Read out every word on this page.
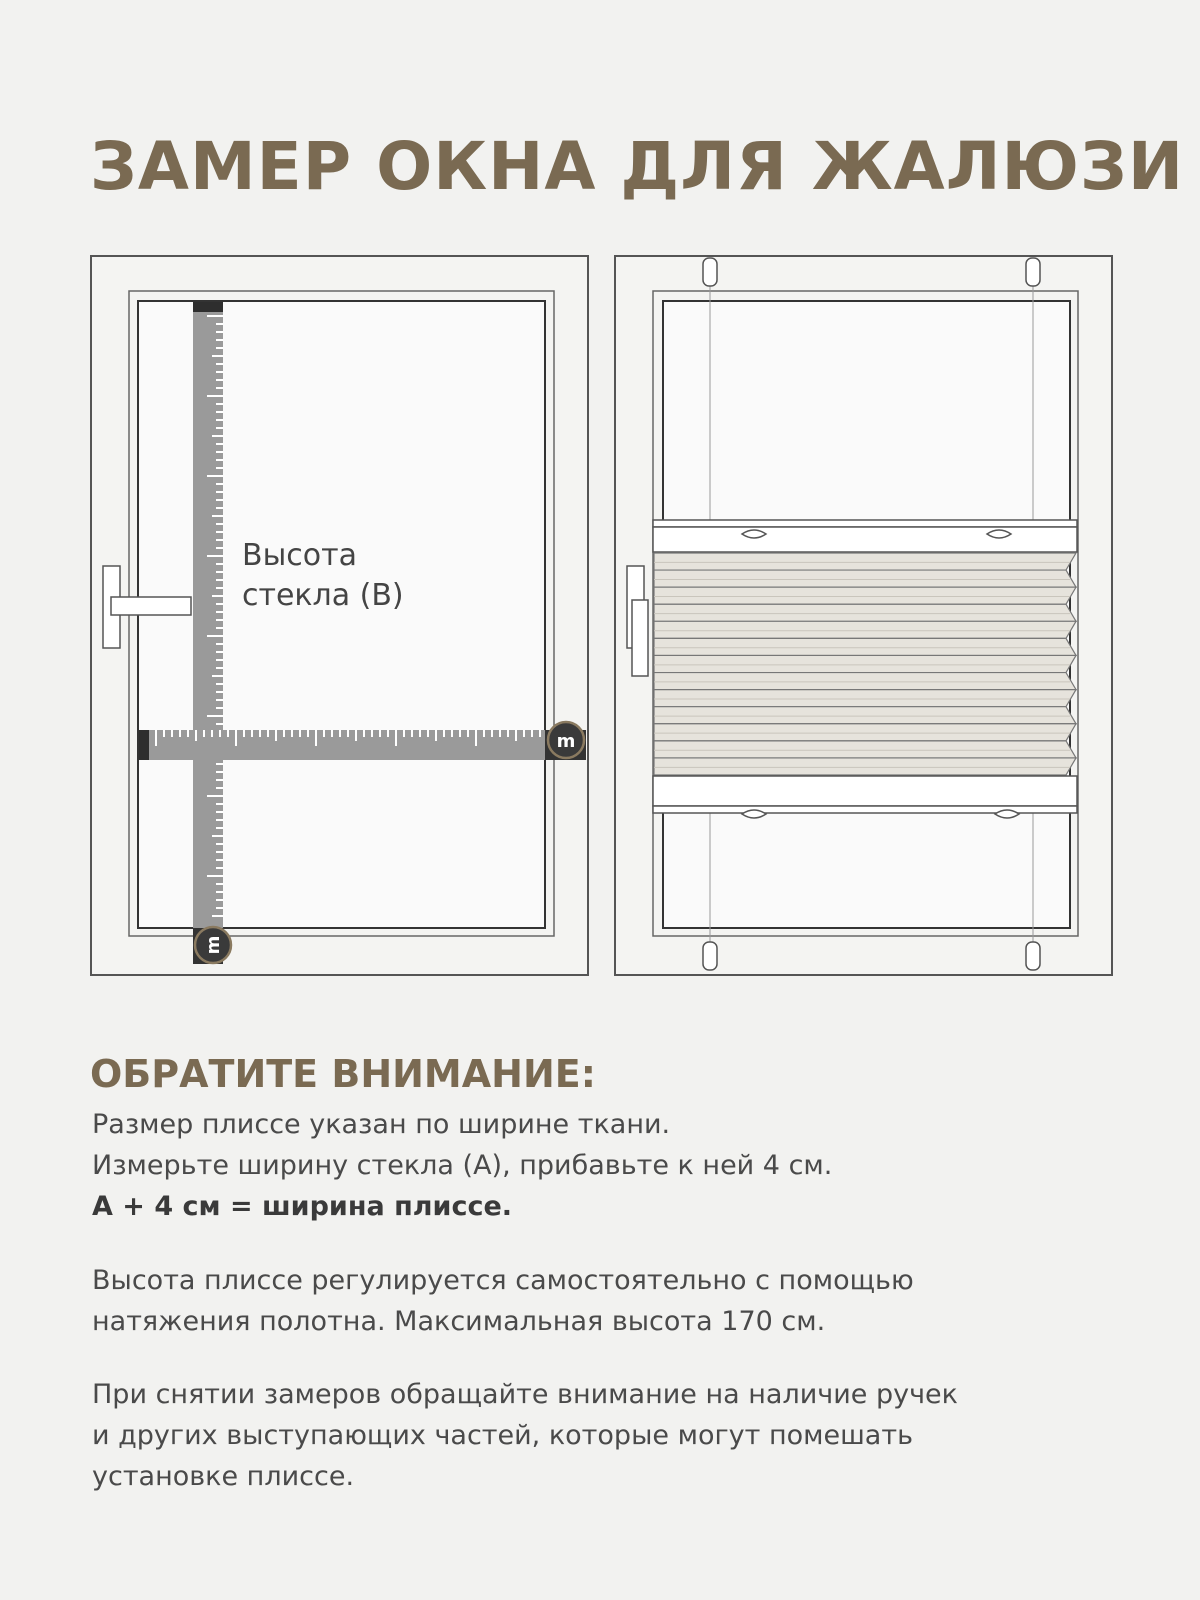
ЗАМЕР ОКНА ДЛЯ ЖАЛЮЗИ
m
m
Высота
стекла (B)
ОБРАТИТЕ ВНИМАНИЕ:

Размер плиссе указан по ширине ткани.
Измерьте ширину стекла (А), прибавьте к ней 4 см.
А + 4 см = ширина плиссе.

Высота плиссе регулируется самостоятельно с помощью
натяжения полотна. Максимальная высота 170 см.

При снятии замеров обращайте внимание на наличие ручек
и других выступающих частей, которые могут помешать
установке плиссе.
